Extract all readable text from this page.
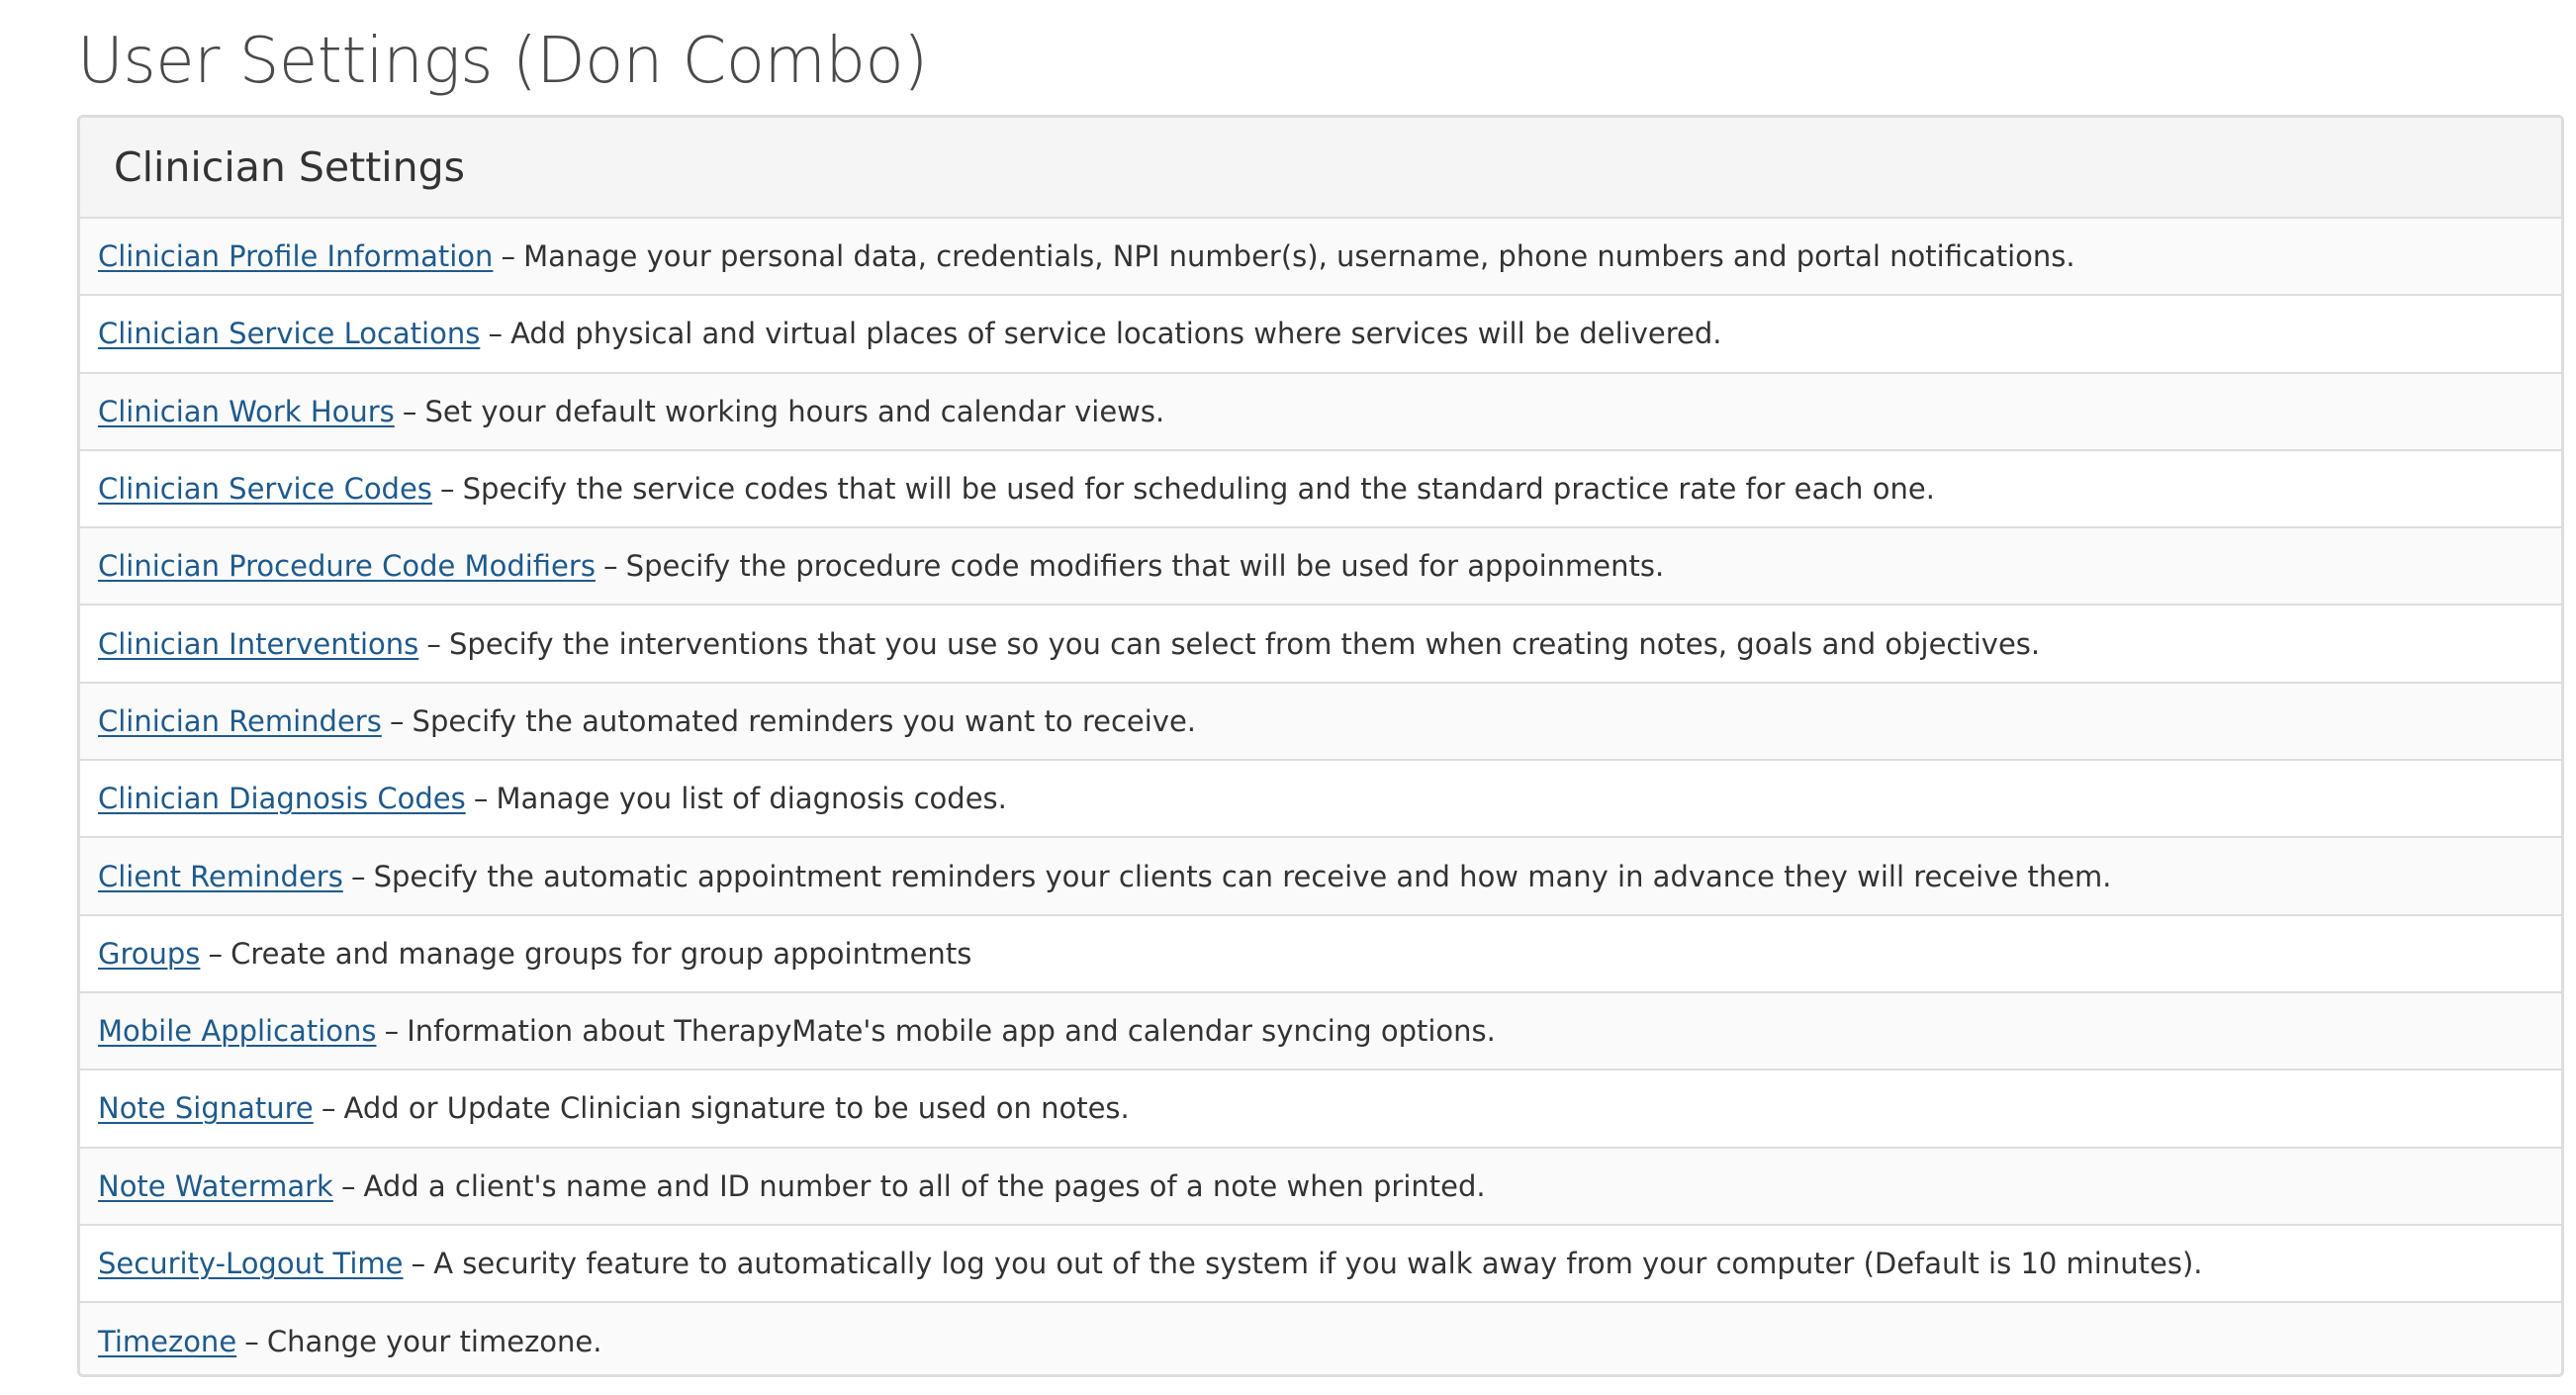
User Settings (Don Combo)
Clinician Settings
Clinician Profile Information – Manage your personal data, credentials, NPI number(s), username, phone numbers and portal notifications.
Clinician Service Locations – Add physical and virtual places of service locations where services will be delivered.
Clinician Work Hours – Set your default working hours and calendar views.
Clinician Service Codes – Specify the service codes that will be used for scheduling and the standard practice rate for each one.
Clinician Procedure Code Modifiers – Specify the procedure code modifiers that will be used for appoinments.
Clinician Interventions – Specify the interventions that you use so you can select from them when creating notes, goals and objectives.
Clinician Reminders – Specify the automated reminders you want to receive.
Clinician Diagnosis Codes – Manage you list of diagnosis codes.
Client Reminders – Specify the automatic appointment reminders your clients can receive and how many in advance they will receive them.
Groups – Create and manage groups for group appointments
Mobile Applications – Information about TherapyMate's mobile app and calendar syncing options.
Note Signature – Add or Update Clinician signature to be used on notes.
Note Watermark – Add a client's name and ID number to all of the pages of a note when printed.
Security-Logout Time – A security feature to automatically log you out of the system if you walk away from your computer (Default is 10 minutes).
Timezone – Change your timezone.
